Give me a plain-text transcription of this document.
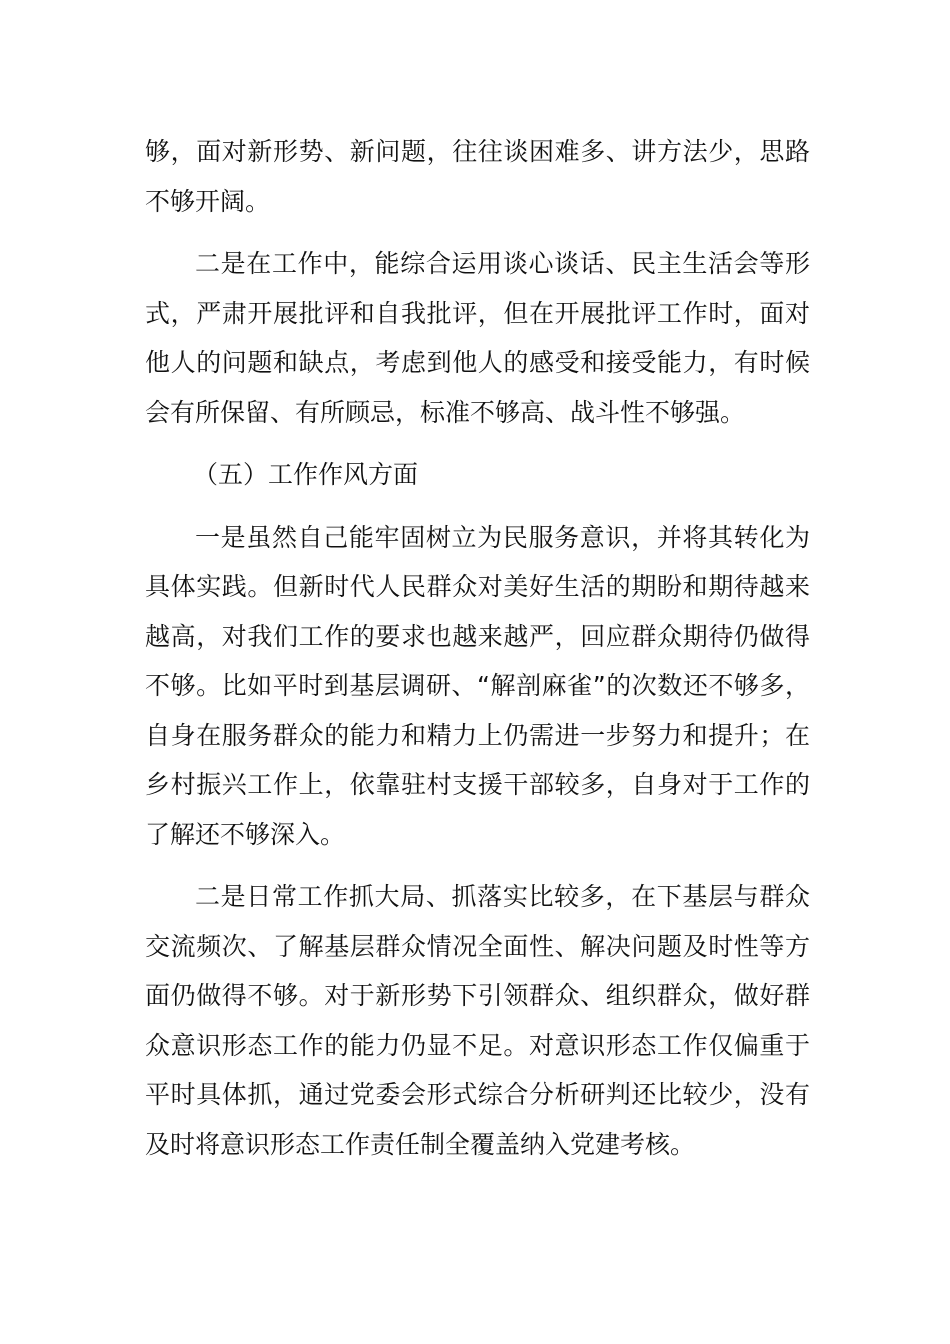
够，面对新形势、新问题，往往谈困难多、讲方法少，思路不够开阔。

二是在工作中，能综合运用谈心谈话、民主生活会等形式，严肃开展批评和自我批评，但在开展批评工作时，面对他人的问题和缺点，考虑到他人的感受和接受能力，有时候会有所保留、有所顾忌，标准不够高、战斗性不够强。

（五）工作作风方面

一是虽然自己能牢固树立为民服务意识，并将其转化为具体实践。但新时代人民群众对美好生活的期盼和期待越来越高，对我们工作的要求也越来越严，回应群众期待仍做得不够。比如平时到基层调研、“解剖麻雀”的次数还不够多，自身在服务群众的能力和精力上仍需进一步努力和提升；在乡村振兴工作上，依靠驻村支援干部较多，自身对于工作的了解还不够深入。

二是日常工作抓大局、抓落实比较多，在下基层与群众交流频次、了解基层群众情况全面性、解决问题及时性等方面仍做得不够。对于新形势下引领群众、组织群众，做好群众意识形态工作的能力仍显不足。对意识形态工作仅偏重于平时具体抓，通过党委会形式综合分析研判还比较少，没有及时将意识形态工作责任制全覆盖纳入党建考核。
